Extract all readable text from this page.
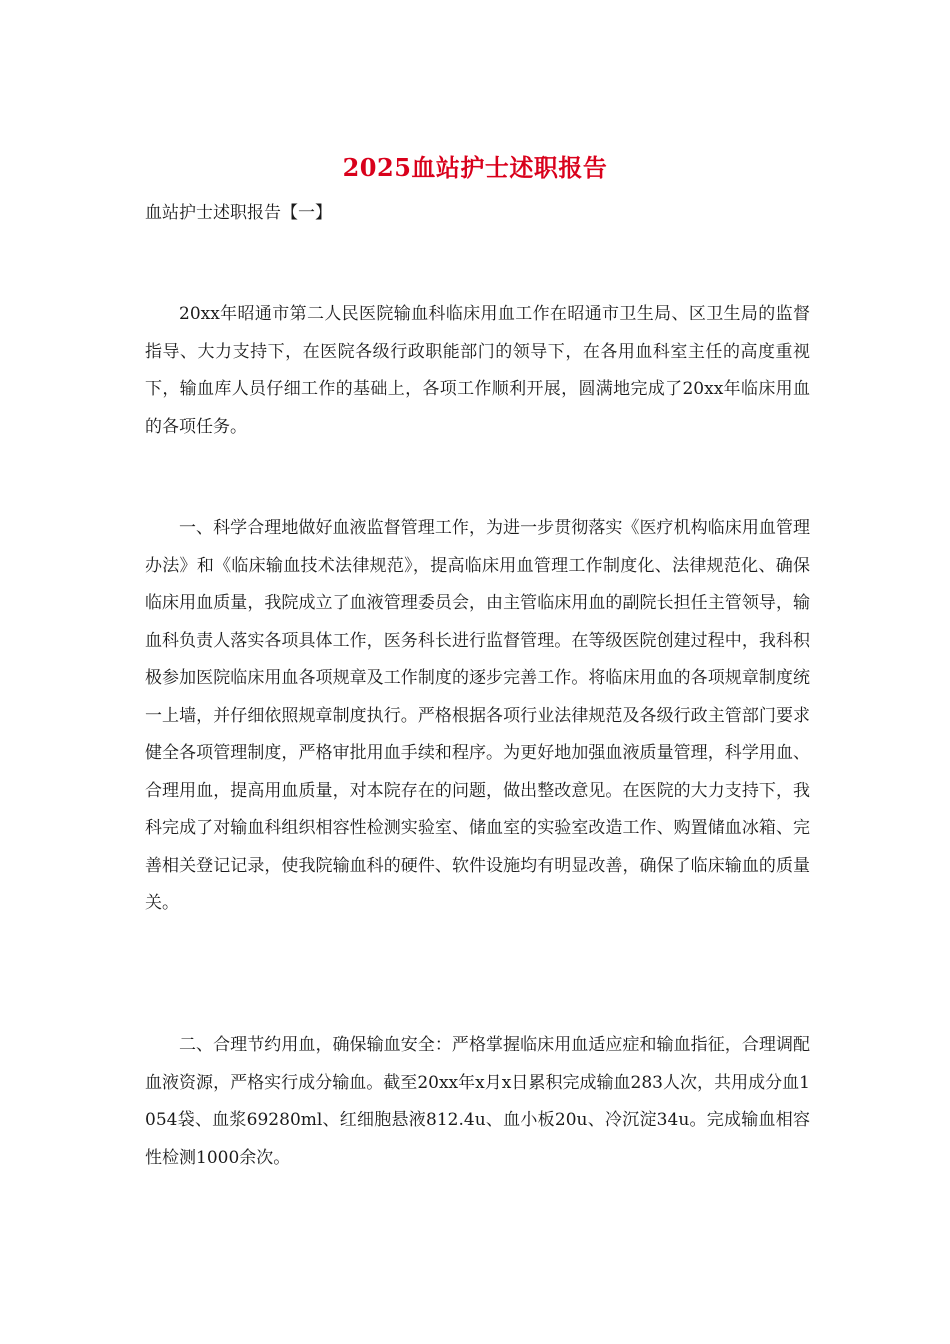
2025血站护士述职报告
血站护士述职报告【一】

20xx年昭通市第二人民医院输血科临床用血工作在昭通市卫生局、区卫生局的监督指导、大力支持下，在医院各级行政职能部门的领导下，在各用血科室主任的高度重视下，输血库人员仔细工作的基础上，各项工作顺利开展，圆满地完成了20xx年临床用血的各项任务。

一、科学合理地做好血液监督管理工作，为进一步贯彻落实《医疗机构临床用血管理办法》和《临床输血技术法律规范》，提高临床用血管理工作制度化、法律规范化、确保临床用血质量，我院成立了血液管理委员会，由主管临床用血的副院长担任主管领导，输血科负责人落实各项具体工作，医务科长进行监督管理。在等级医院创建过程中，我科积极参加医院临床用血各项规章及工作制度的逐步完善工作。将临床用血的各项规章制度统一上墙，并仔细依照规章制度执行。严格根据各项行业法律规范及各级行政主管部门要求健全各项管理制度，严格审批用血手续和程序。为更好地加强血液质量管理，科学用血、合理用血，提高用血质量，对本院存在的问题，做出整改意见。在医院的大力支持下，我科完成了对输血科组织相容性检测实验室、储血室的实验室改造工作、购置储血冰箱、完善相关登记记录，使我院输血科的硬件、软件设施均有明显改善，确保了临床输血的质量关。

二、合理节约用血，确保输血安全：严格掌握临床用血适应症和输血指征，合理调配血液资源，严格实行成分输血。截至20xx年x月x日累积完成输血283人次，共用成分血1054袋、血浆69280ml、红细胞悬液812.4u、血小板20u、冷沉淀34u。完成输血相容性检测1000余次。
